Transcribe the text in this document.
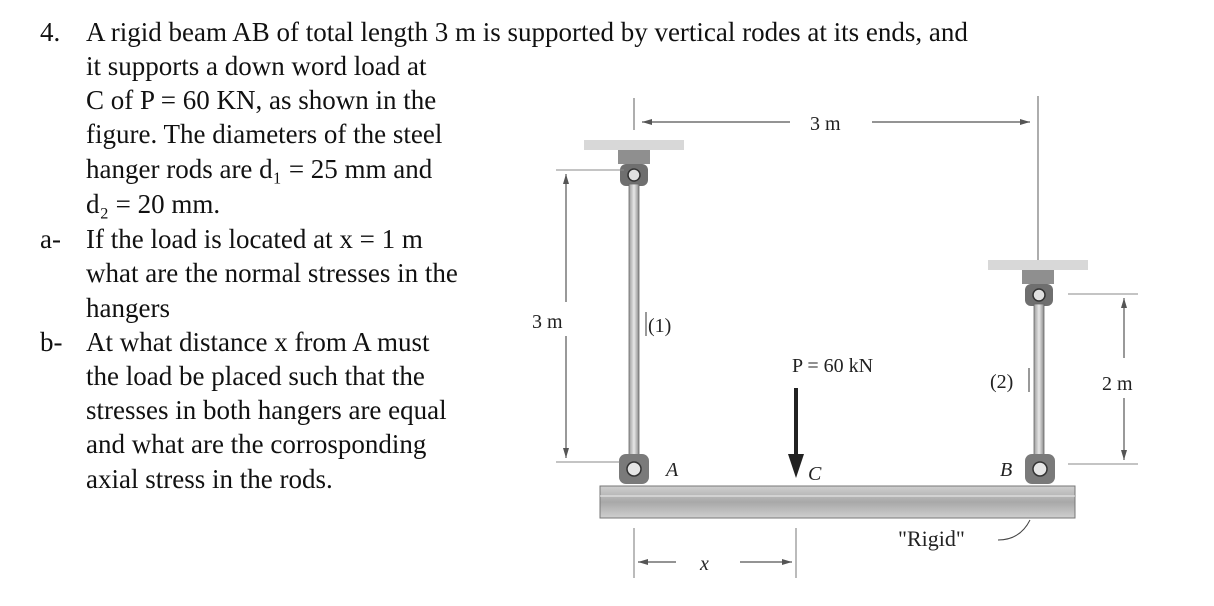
4. A rigid beam AB of total length 3 m is supported by vertical rodes at its ends, and
it supports a down word load at
C of P = 60 KN, as shown in the
figure. The diameters of the steel
hanger rods are d₁ = 25 mm and
d₂ = 20 mm.
a- If the load is located at x = 1 m
what are the normal stresses in the
hangers
b- At what distance x from A must
the load be placed such that the
stresses in both hangers are equal
and what are the corrosponding
axial stress in the rods.
3 m
3 m	(1)
(2)	2 m
P = 60 kN
A	C	B
x
"Rigid"
